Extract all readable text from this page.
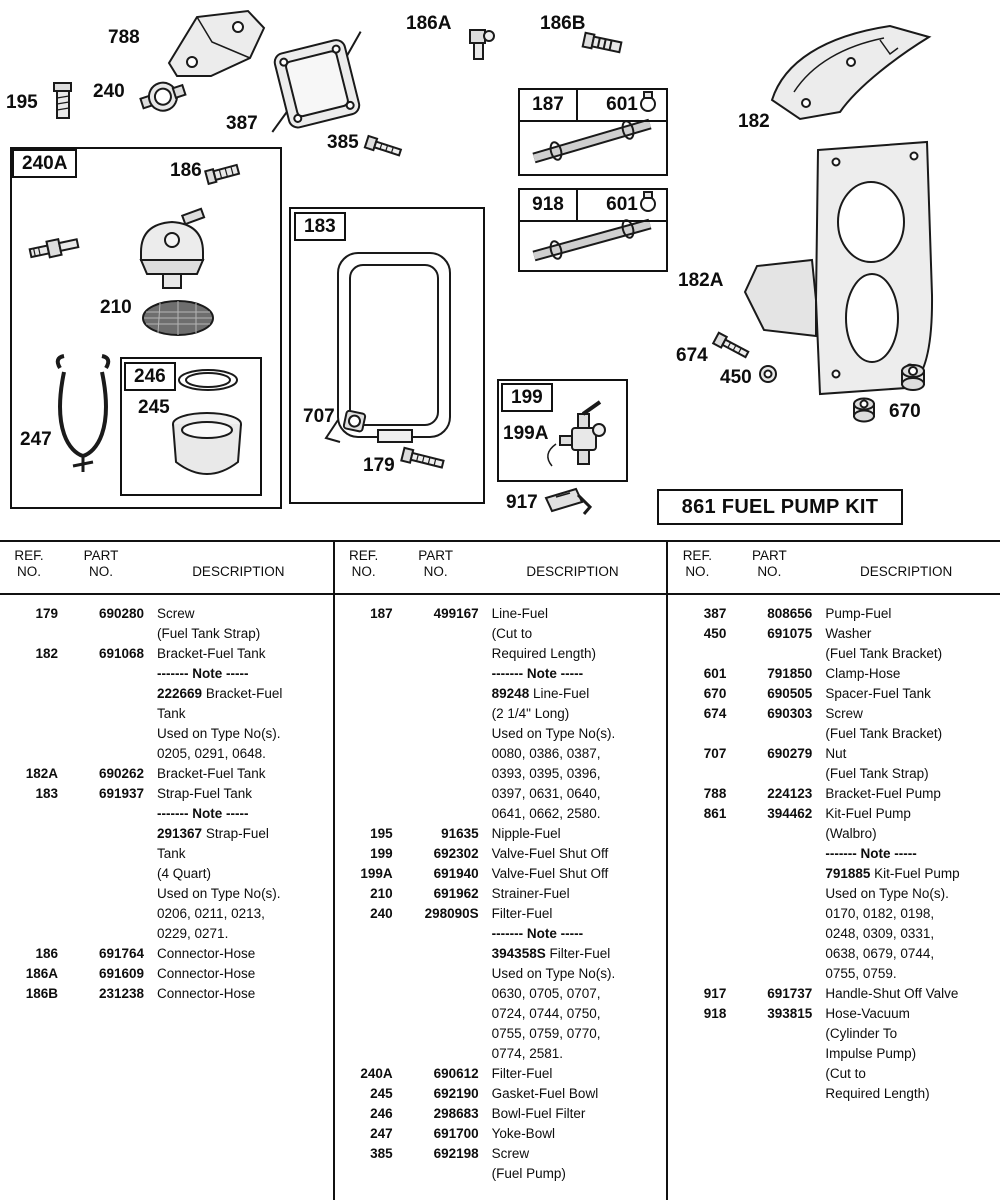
187	601
918	601
240A
183
246
199
788
186A	186B
195
240
387
385
182
186
210
245
247
707
179
199A
917
182A
674
450
670
861 FUEL PUMP KIT
REF.
NO.
PART
NO.	DESCRIPTION
179	690280 Screw
(Fuel Tank Strap)
182	691068 Bracket-Fuel Tank
------- Note -----
222669 Bracket-Fuel
Tank
Used on Type No(s).
0205, 0291, 0648.
182A	690262 Bracket-Fuel Tank
183	691937 Strap-Fuel Tank
------- Note -----
291367 Strap-Fuel
Tank
(4 Quart)
Used on Type No(s).
0206, 0211, 0213,
0229, 0271.
186	691764 Connector-Hose
186A	691609 Connector-Hose
186B	231238 Connector-Hose
REF.
NO.
PART
NO.	DESCRIPTION
187	499167 Line-Fuel
(Cut to
Required Length)
------- Note -----
89248 Line-Fuel
(2 1/4" Long)
Used on Type No(s).
0080, 0386, 0387,
0393, 0395, 0396,
0397, 0631, 0640,
0641, 0662, 2580.
195	91635 Nipple-Fuel
199	692302 Valve-Fuel Shut Off
199A	691940 Valve-Fuel Shut Off
210	691962 Strainer-Fuel
240	298090S Filter-Fuel
------- Note -----
394358S Filter-Fuel
Used on Type No(s).
0630, 0705, 0707,
0724, 0744, 0750,
0755, 0759, 0770,
0774, 2581.
240A	690612 Filter-Fuel
245	692190 Gasket-Fuel Bowl
246	298683 Bowl-Fuel Filter
247	691700 Yoke-Bowl
385	692198 Screw
(Fuel Pump)
REF.
NO.
PART
NO.	DESCRIPTION
387	808656 Pump-Fuel
450	691075 Washer
(Fuel Tank Bracket)
601	791850 Clamp-Hose
670	690505 Spacer-Fuel Tank
674	690303 Screw
(Fuel Tank Bracket)
707	690279 Nut
(Fuel Tank Strap)
788	224123 Bracket-Fuel Pump
861	394462 Kit-Fuel Pump
(Walbro)
------- Note -----
791885 Kit-Fuel Pump
Used on Type No(s).
0170, 0182, 0198,
0248, 0309, 0331,
0638, 0679, 0744,
0755, 0759.
917	691737 Handle-Shut Off Valve
918	393815 Hose-Vacuum
(Cylinder To
Impulse Pump)
(Cut to
Required Length)
